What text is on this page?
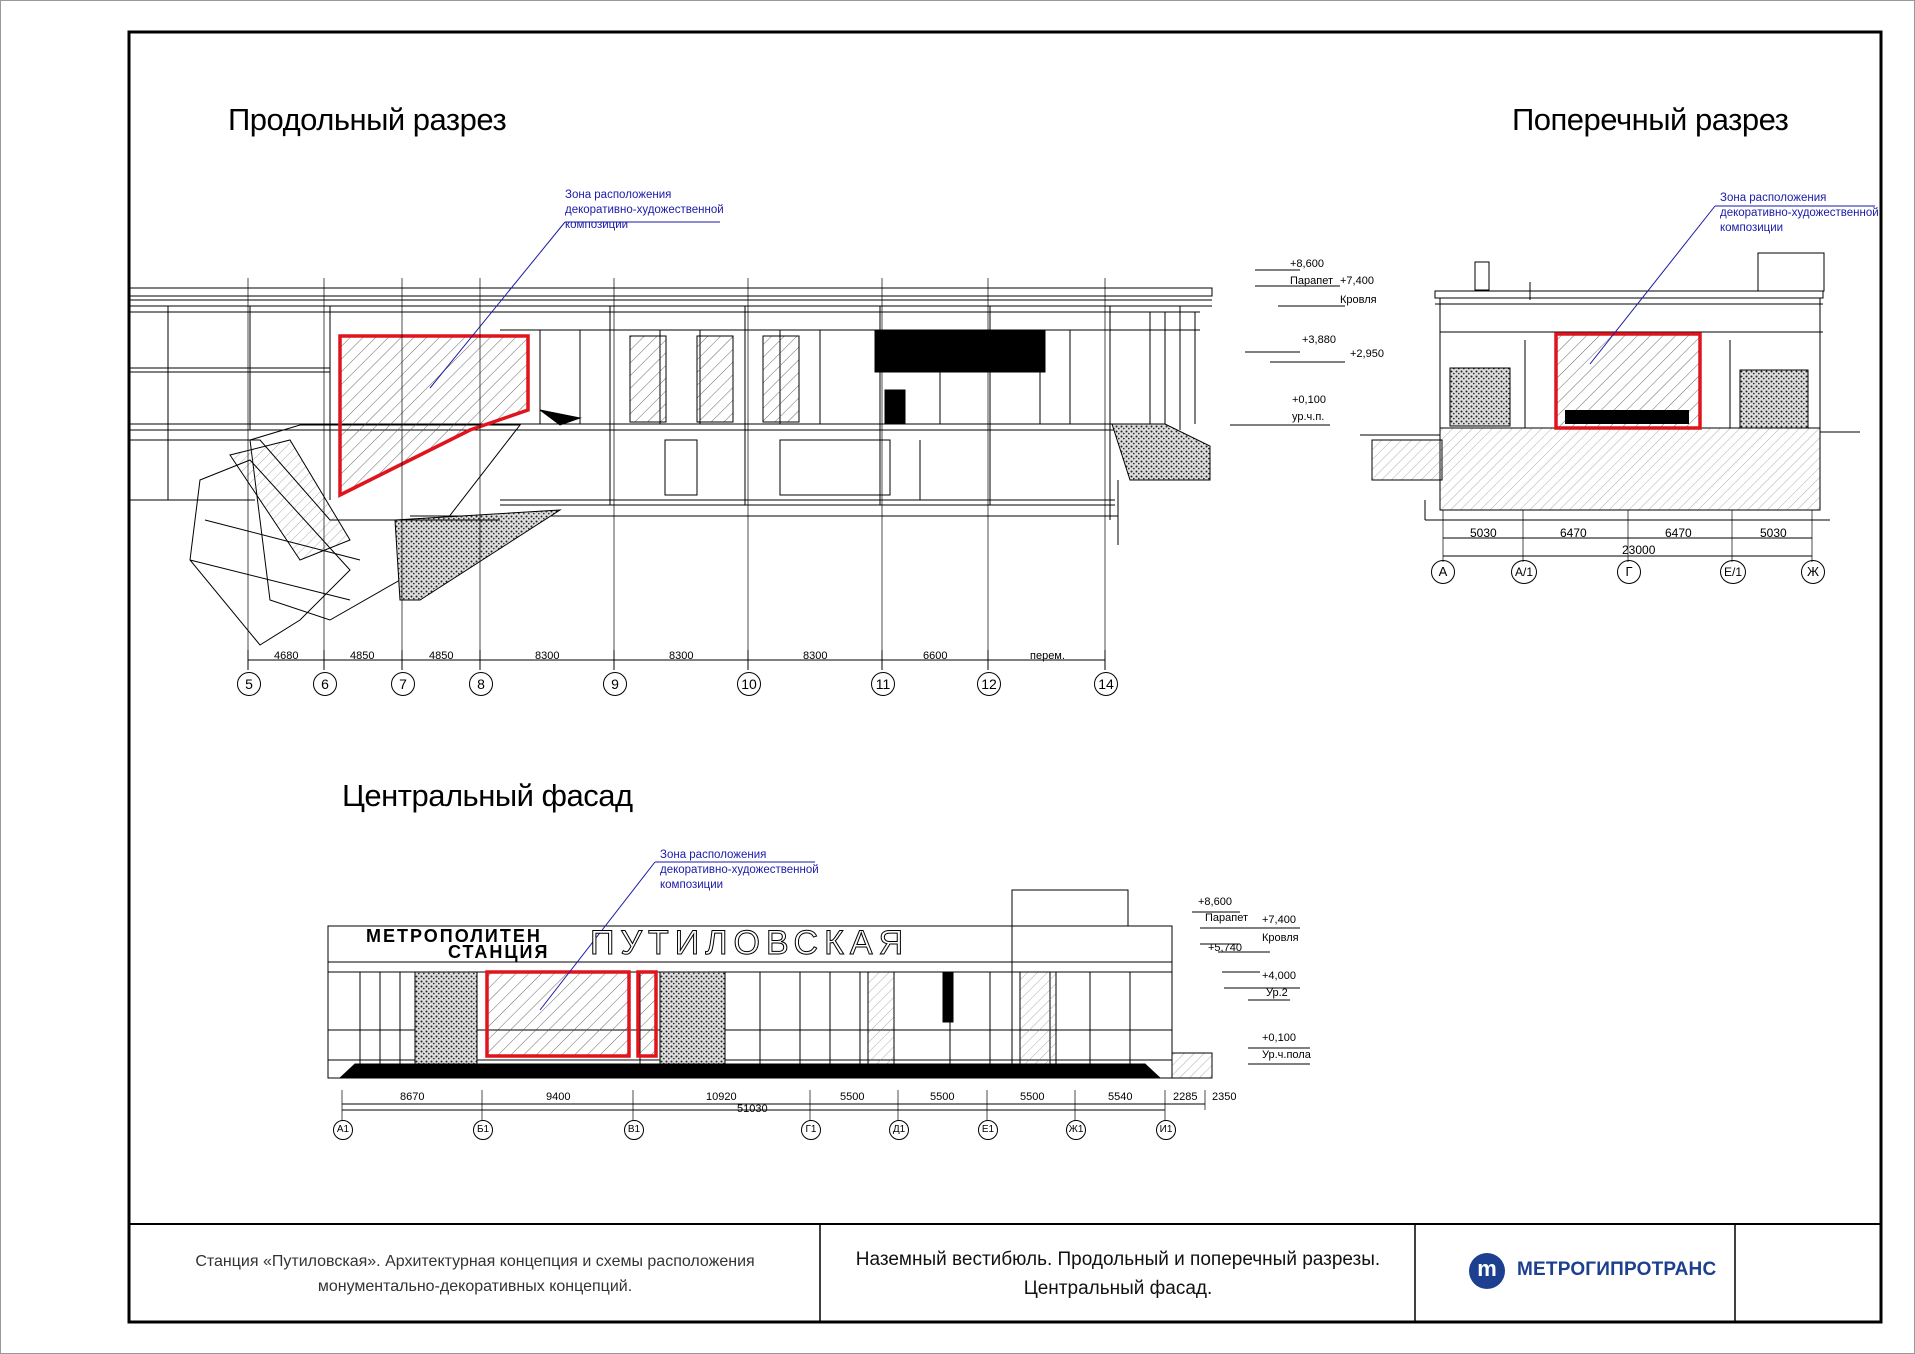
Продольный разрез	Поперечный разрез
Центральный фасад
Зона расположения
декоративно-художественной
композиции
Зона расположения
декоративно-художественной
композиции
Зона расположения
декоративно-художественной
композиции
+8,600
Парапет +7,400
Кровля
+3,880
+2,950
+0,100
ур.ч.п.
4680	4850	4850	8300	8300	8300	6600	перем.
5	6	7	8	9	10	11	12	14
5030	6470	6470	5030
23000
А	А/1	Г	Е/1	Ж
МЕТРОПОЛИТЕН
СТАНЦИЯ ПУТИЛОВСКАЯ
+8,600
Парапет +7,400
Кровля
+5,740
+4,000
Ур.2
+0,100
Ур.ч.пола
8670	9400	10920	5500	5500	5500	5540	2285 2350
51030
А1	Б1	В1	Г1	Д1	Е1	Ж1	И1
Станция «Путиловская». Архитектурная концепция и схемы расположения
монументально-декоративных концепций.
Наземный вестибюль. Продольный и поперечный разрезы.
Центральный фасад.
m МЕТРОГИПРОТРАНС
